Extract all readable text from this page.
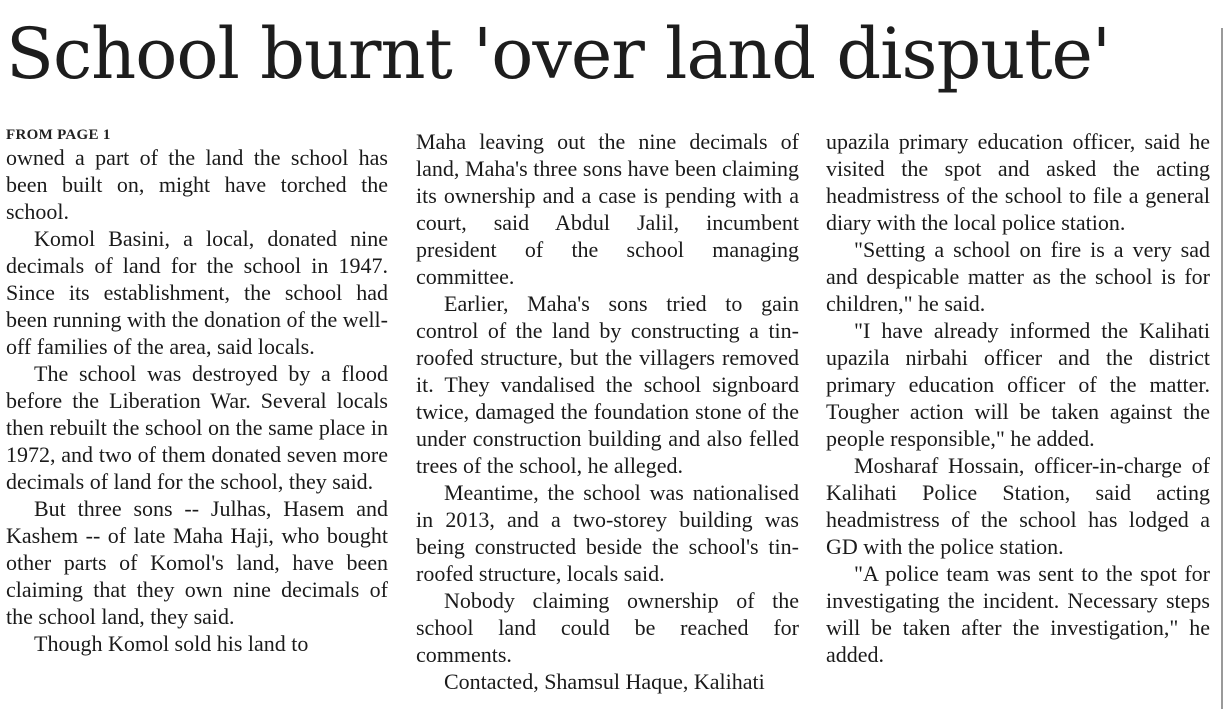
School burnt 'over land dispute'
FROM PAGE 1

owned a part of the land the school has been built on, might have torched the school.

Komol Basini, a local, donated nine decimals of land for the school in 1947. Since its establishment, the school had been running with the donation of the well-off families of the area, said locals.

The school was destroyed by a flood before the Liberation War. Several locals then rebuilt the school on the same place in 1972, and two of them donated seven more decimals of land for the school, they said.

But three sons -- Julhas, Hasem and Kashem -- of late Maha Haji, who bought other parts of Komol's land, have been claiming that they own nine decimals of the school land, they said.

Though Komol sold his land to

Maha leaving out the nine decimals of land, Maha's three sons have been claiming its ownership and a case is pending with a court, said Abdul Jalil, incumbent president of the school managing committee.

Earlier, Maha's sons tried to gain control of the land by constructing a tin-roofed structure, but the villagers removed it. They vandalised the school signboard twice, damaged the foundation stone of the under construction building and also felled trees of the school, he alleged.

Meantime, the school was nationalised in 2013, and a two-storey building was being constructed beside the school's tin-roofed structure, locals said.

Nobody claiming ownership of the school land could be reached for comments.

Contacted, Shamsul Haque, Kalihati

upazila primary education officer, said he visited the spot and asked the acting headmistress of the school to file a general diary with the local police station.

"Setting a school on fire is a very sad and despicable matter as the school is for children," he said.

"I have already informed the Kalihati upazila nirbahi officer and the district primary education officer of the matter. Tougher action will be taken against the people responsible," he added.

Mosharaf Hossain, officer-in-charge of Kalihati Police Station, said acting headmistress of the school has lodged a GD with the police station.

"A police team was sent to the spot for investigating the incident. Necessary steps will be taken after the investigation," he added.
